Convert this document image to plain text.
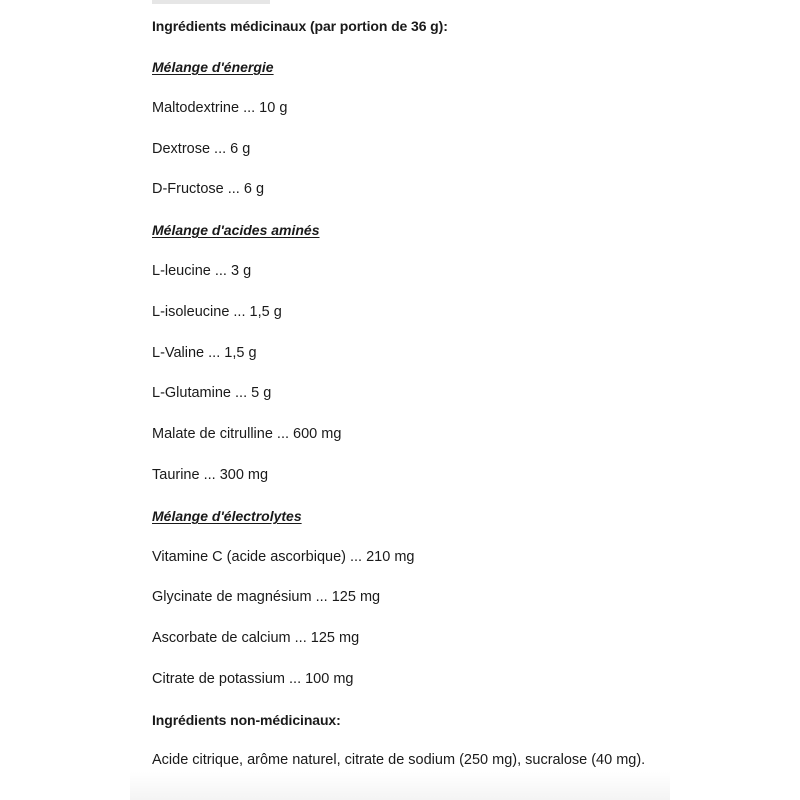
Ingrédients médicinaux (par portion de 36 g):
Mélange d'énergie
Maltodextrine ... 10 g
Dextrose ... 6 g
D-Fructose ... 6 g
Mélange d'acides aminés
L-leucine ... 3 g
L-isoleucine ... 1,5 g
L-Valine ... 1,5 g
L-Glutamine ... 5 g
Malate de citrulline ... 600 mg
Taurine ... 300 mg
Mélange d'électrolytes
Vitamine C (acide ascorbique) ... 210 mg
Glycinate de magnésium ... 125 mg
Ascorbate de calcium ... 125 mg
Citrate de potassium ... 100 mg
Ingrédients non-médicinaux:
Acide citrique, arôme naturel, citrate de sodium (250 mg), sucralose (40 mg).
